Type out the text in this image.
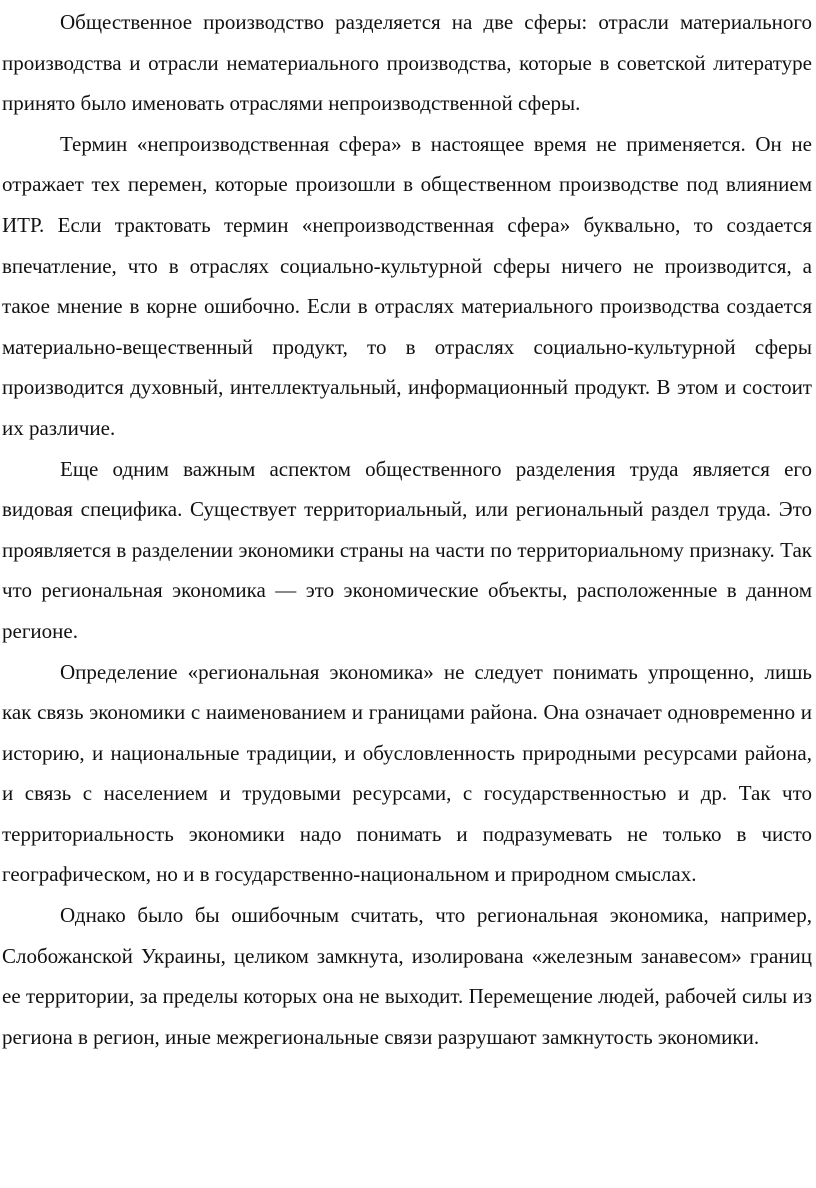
Общественное производство разделяется на две сферы: отрасли материального производства и отрасли нематериального производства, которые в советской литературе принято было именовать отраслями непроизводственной сферы.

Термин «непроизводственная сфера» в настоящее время не применяется. Он не отражает тех перемен, которые произошли в общественном производстве под влиянием ИТР. Если трактовать термин «непроизводственная сфера» буквально, то создается впечатление, что в отраслях социально-культурной сферы ничего не производится, а такое мнение в корне ошибочно. Если в отраслях материального производства создается материально-вещественный продукт, то в отраслях социально-культурной сферы производится духовный, интеллектуальный, информационный продукт. В этом и состоит их различие.

Еще одним важным аспектом общественного разделения труда является его видовая специфика. Существует территориальный, или региональный раздел труда. Это проявляется в разделении экономики страны на части по территориальному признаку. Так что региональная экономика — это экономические объекты, расположенные в данном регионе.

Определение «региональная экономика» не следует понимать упрощенно, лишь как связь экономики с наименованием и границами района. Она означает одновременно и историю, и национальные традиции, и обусловленность природными ресурсами района, и связь с населением и трудовыми ресурсами, с государственностью и др. Так что территориальность экономики надо понимать и подразумевать не только в чисто географическом, но и в государственно-национальном и природном смыслах.

Однако было бы ошибочным считать, что региональная экономика, например, Слобожанской Украины, целиком замкнута, изолирована «железным занавесом» границ ее территории, за пределы которых она не выходит. Перемещение людей, рабочей силы из региона в регион, иные межрегиональные связи разрушают замкнутость экономики.
